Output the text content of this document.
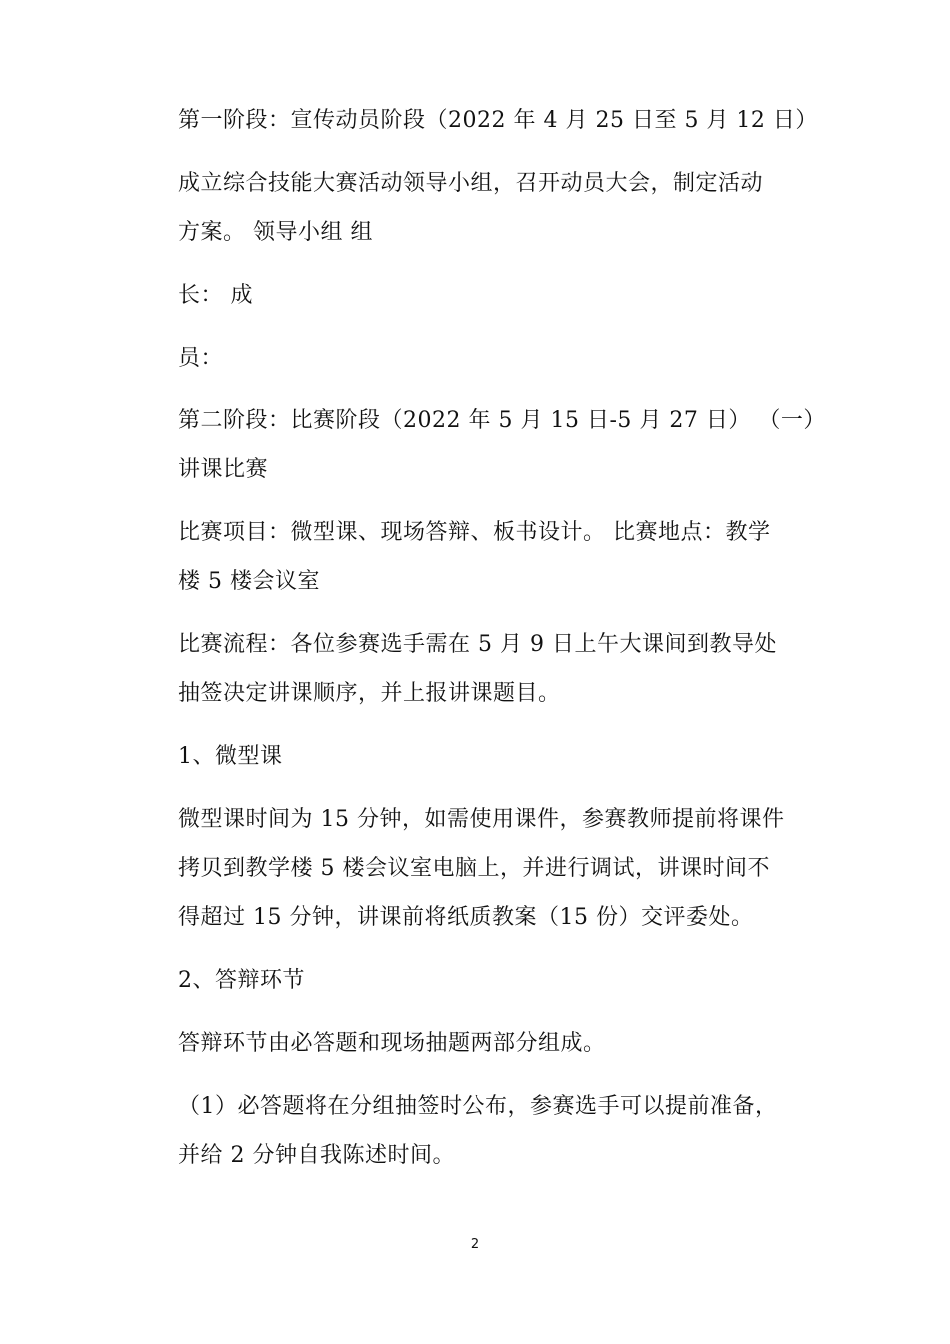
第一阶段：宣传动员阶段（2022 年 4 月 25 日至 5 月 12 日）
成立综合技能大赛活动领导小组，召开动员大会，制定活动
方案。 领导小组 组
长： 成
员：
第二阶段：比赛阶段（2022 年 5 月 15 日-5 月 27 日） （一）
讲课比赛
比赛项目：微型课、现场答辩、板书设计。 比赛地点：教学
楼 5 楼会议室
比赛流程：各位参赛选手需在 5 月 9 日上午大课间到教导处
抽签决定讲课顺序，并上报讲课题目。
1、微型课
微型课时间为 15 分钟，如需使用课件，参赛教师提前将课件
拷贝到教学楼 5 楼会议室电脑上，并进行调试，讲课时间不
得超过 15 分钟，讲课前将纸质教案（15 份）交评委处。
2、答辩环节
答辩环节由必答题和现场抽题两部分组成。
（1）必答题将在分组抽签时公布，参赛选手可以提前准备，
并给 2 分钟自我陈述时间。
2
